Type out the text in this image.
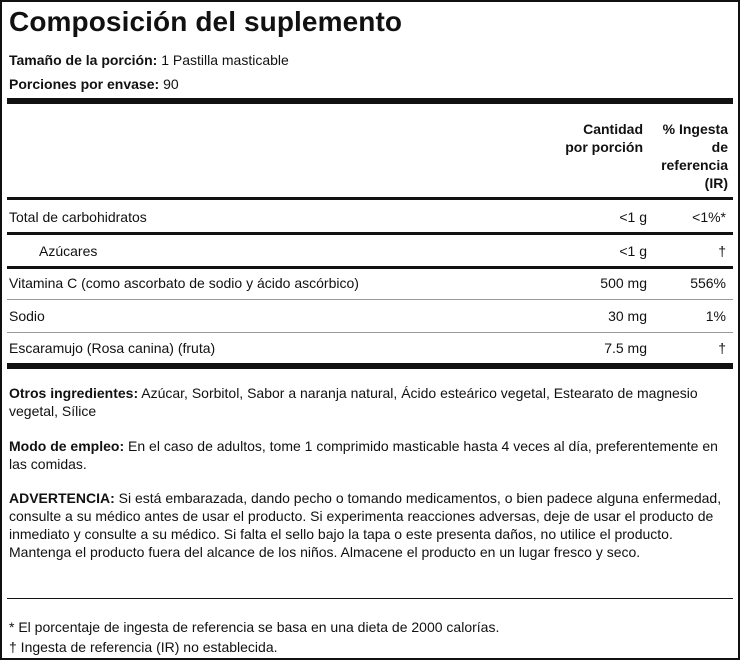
Composición del suplemento
Tamaño de la porción: 1 Pastilla masticable
Porciones por envase: 90
Cantidad
por porción
% Ingesta
de
referencia
(IR)
Total de carbohidratos	<1 g	<1%*
Azúcares	<1 g	†
Vitamina C (como ascorbato de sodio y ácido ascórbico)	500 mg	556%
Sodio	30 mg	1%
Escaramujo (Rosa canina) (fruta)	7.5 mg	†
Otros ingredientes: Azúcar, Sorbitol, Sabor a naranja natural, Ácido esteárico vegetal, Estearato de magnesio vegetal, Sílice
Modo de empleo: En el caso de adultos, tome 1 comprimido masticable hasta 4 veces al día, preferentemente en las comidas.
ADVERTENCIA: Si está embarazada, dando pecho o tomando medicamentos, o bien padece alguna enfermedad, consulte a su médico antes de usar el producto. Si experimenta reacciones adversas, deje de usar el producto de inmediato y consulte a su médico. Si falta el sello bajo la tapa o este presenta daños, no utilice el producto. Mantenga el producto fuera del alcance de los niños. Almacene el producto en un lugar fresco y seco.
* El porcentaje de ingesta de referencia se basa en una dieta de 2000 calorías.
† Ingesta de referencia (IR) no establecida.
